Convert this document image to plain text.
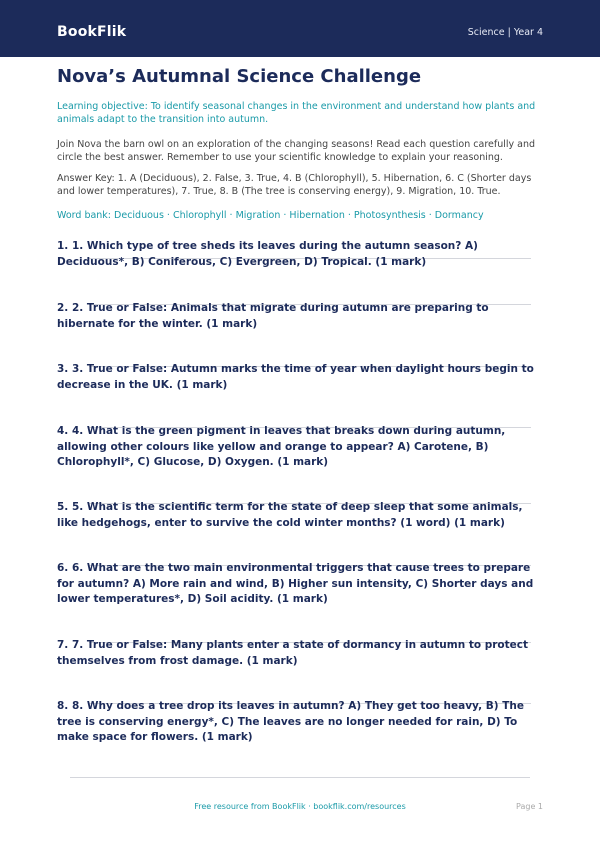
BookFlik	Science | Year 4
Nova’s Autumnal Science Challenge
Learning objective: To identify seasonal changes in the environment and understand how plants and animals adapt to the transition into autumn.
Join Nova the barn owl on an exploration of the changing seasons! Read each question carefully and circle the best answer. Remember to use your scientific knowledge to explain your reasoning.
Answer Key: 1. A (Deciduous), 2. False, 3. True, 4. B (Chlorophyll), 5. Hibernation, 6. C (Shorter days and lower temperatures), 7. True, 8. B (The tree is conserving energy), 9. Migration, 10. True.
Word bank: Deciduous · Chlorophyll · Migration · Hibernation · Photosynthesis · Dormancy
1. 1. Which type of tree sheds its leaves during the autumn season? A) Deciduous*, B) Coniferous, C) Evergreen, D) Tropical. (1 mark)
2. 2. True or False: Animals that migrate during autumn are preparing to hibernate for the winter. (1 mark)
3. 3. True or False: Autumn marks the time of year when daylight hours begin to decrease in the UK. (1 mark)
4. 4. What is the green pigment in leaves that breaks down during autumn, allowing other colours like yellow and orange to appear? A) Carotene, B) Chlorophyll*, C) Glucose, D) Oxygen. (1 mark)
5. 5. What is the scientific term for the state of deep sleep that some animals, like hedgehogs, enter to survive the cold winter months? (1 word) (1 mark)
6. 6. What are the two main environmental triggers that cause trees to prepare for autumn? A) More rain and wind, B) Higher sun intensity, C) Shorter days and lower temperatures*, D) Soil acidity. (1 mark)
7. 7. True or False: Many plants enter a state of dormancy in autumn to protect themselves from frost damage. (1 mark)
8. 8. Why does a tree drop its leaves in autumn? A) They get too heavy, B) The tree is conserving energy*, C) The leaves are no longer needed for rain, D) To make space for flowers. (1 mark)
Free resource from BookFlik · bookflik.com/resources	Page 1
